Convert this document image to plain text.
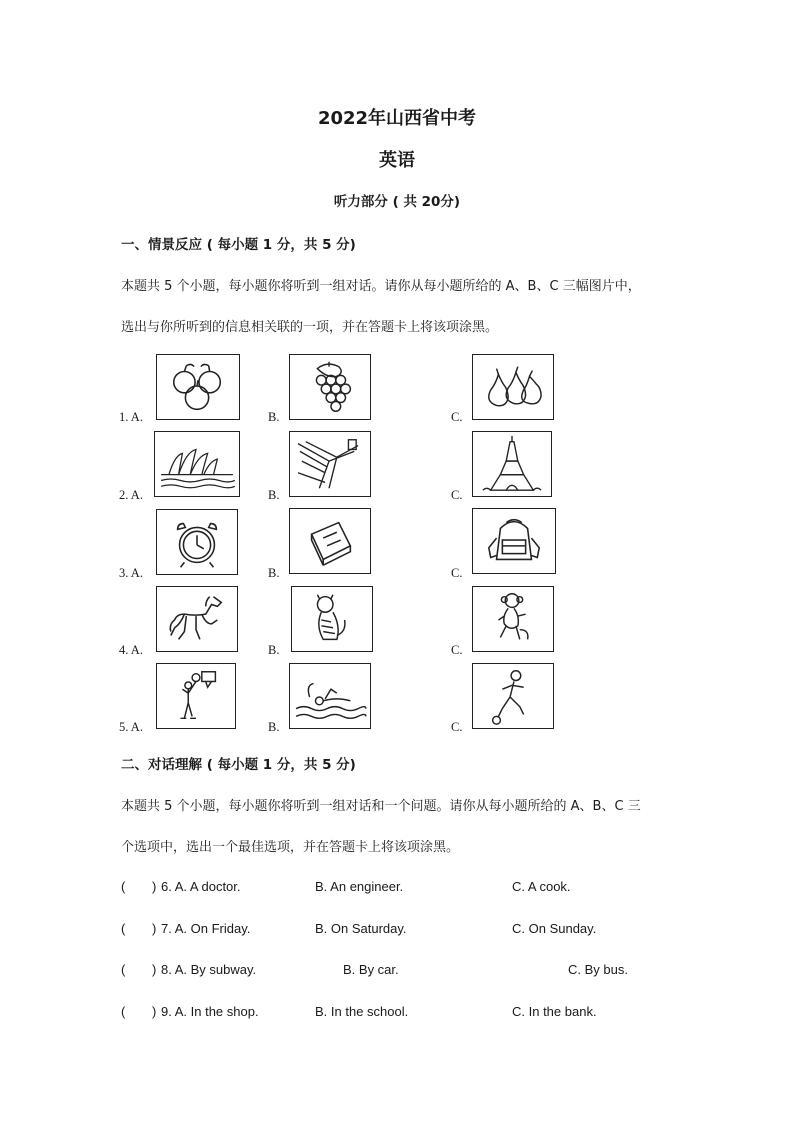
2022年山西省中考
英语
听力部分 ( 共 20分)
一、情景反应 ( 每小题 1 分，共 5 分)
本题共 5 个小题，每小题你将听到一组对话。请你从每小题所给的 A、B、C 三幅图片中，
选出与你所听到的信息相关联的一项，并在答题卡上将该项涂黑。
1. A.	B.	C.
2. A.	B.	C.
3. A.	B.	C.
4. A.	B.	C.
5. A.	B.	C.
二、对话理解 ( 每小题 1 分，共 5 分)
本题共 5 个小题，每小题你将听到一组对话和一个问题。请你从每小题所给的 A、B、C 三
个选项中，选出一个最佳选项，并在答题卡上将该项涂黑。
( ) 6. A. A doctor.	B. An engineer.	C. A cook.
( ) 7. A. On Friday.	B. On Saturday.	C. On Sunday.
( ) 8. A. By subway.	B. By car.	C. By bus.
( ) 9. A. In the shop.	B. In the school.	C. In the bank.
